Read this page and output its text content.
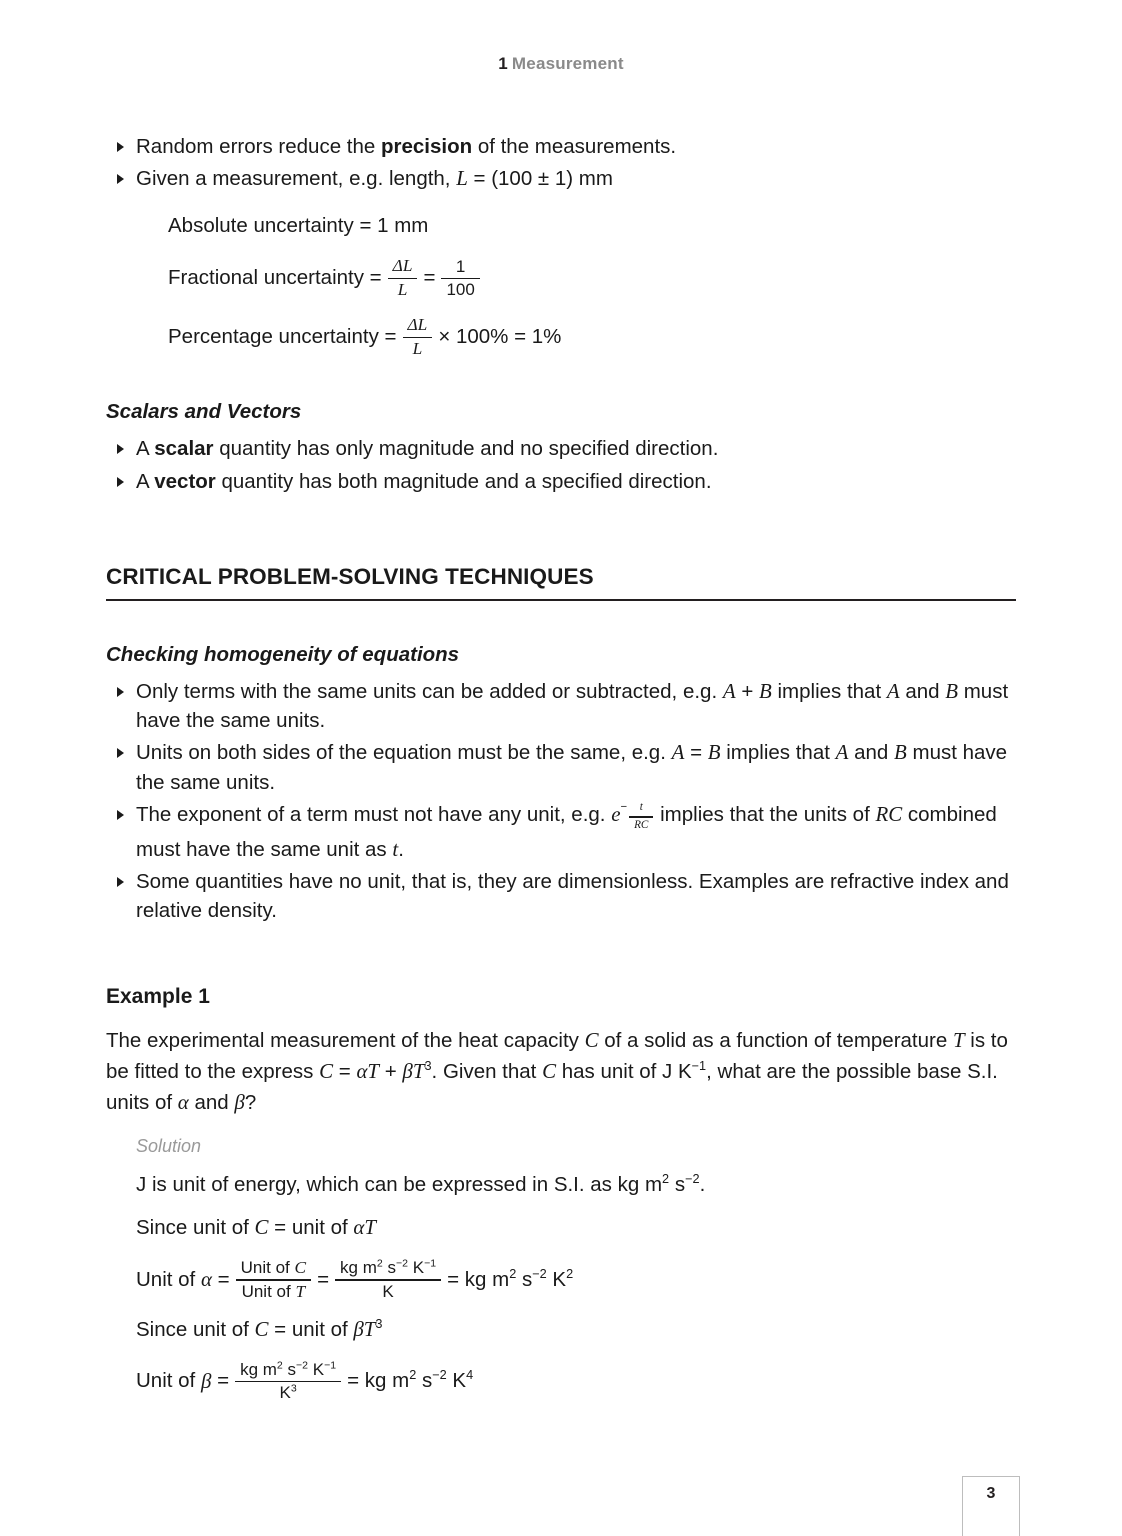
1 Measurement
Random errors reduce the precision of the measurements.
Given a measurement, e.g. length, L = (100 ± 1) mm
Absolute uncertainty = 1 mm
Fractional uncertainty = $\frac{\Delta L}{L} = \frac{1}{100}$
Percentage uncertainty = $\frac{\Delta L}{L} \times 100\% = 1\%$
Scalars and Vectors
A scalar quantity has only magnitude and no specified direction.
A vector quantity has both magnitude and a specified direction.
CRITICAL PROBLEM-SOLVING TECHNIQUES
Checking homogeneity of equations
Only terms with the same units can be added or subtracted, e.g. A + B implies that A and B must have the same units.
Units on both sides of the equation must be the same, e.g. A = B implies that A and B must have the same units.
The exponent of a term must not have any unit, e.g. $e - \frac{t}{RC}$ implies that the units of RC combined must have the same unit as t.
Some quantities have no unit, that is, they are dimensionless. Examples are refractive index and relative density.
Example 1

The experimental measurement of the heat capacity C of a solid as a function of temperature T is to be fitted to the express $C = \alpha T + \beta T^3$. Given that C has unit of J $K^{-1}$, what are the possible base S.I. units of α and β?

Solution
J is unit of energy, which can be expressed in S.I. as kg $m^2$ $s^{-2}$.
Since unit of C = unit of αT
Unit of
α
= $\frac{\text{Unit of C}}{\text{Unit of T}} = \frac{kg m^2 s^{-2} K^{-1}}{K}$ =
kg $m^2$ $s^{-2}$ $K^2$
Since unit of C = unit of $\beta T^3$
Unit of
β
= $\frac{kg m^2 s^{-2} K^{-1}}{K^3}$ =
kg $m^2$ $s^{-2}$ $K^4$
3
